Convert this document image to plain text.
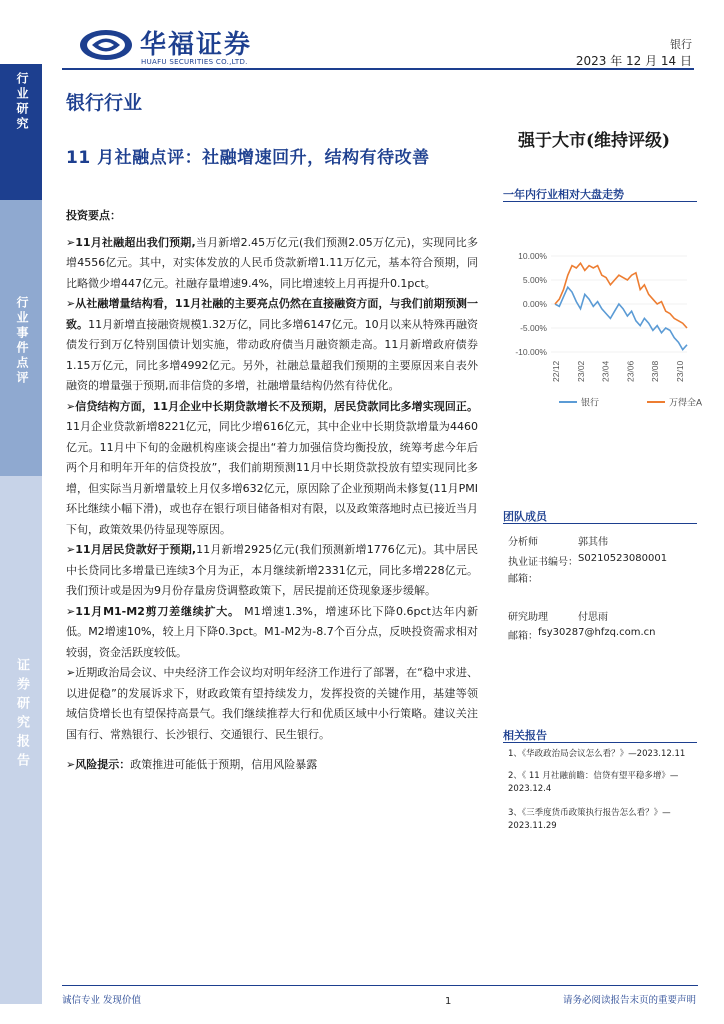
行业研究
行业事件点评
证券研究报告
华福证券
HUAFU SECURITIES CO.,LTD.
银行
2023 年 12 月 14 日
银行行业
11 月社融点评：社融增速回升，结构有待改善
强于大市(维持评级)
一年内行业相对大盘走势
10.00%
5.00%
0.00%
-5.00%
-10.00%
22/12 23/02 23/04 23/06 23/08 23/10
银行	万得全A

投资要点：

➢11月社融超出我们预期,当月新增2.45万亿元(我们预测2.05万亿元)，实现同比多增4556亿元。其中，对实体发放的人民币贷款新增1.11万亿元，基本符合预期，同比略微少增447亿元。社融存量增速9.4%，同比增速较上月再提升0.1pct。

➢从社融增量结构看，11月社融的主要亮点仍然在直接融资方面，与我们前期预测一致。11月新增直接融资规模1.32万亿，同比多增6147亿元。10月以来从特殊再融资债发行到万亿特别国债计划实施，带动政府债当月融资额走高。11月新增政府债券1.15万亿元，同比多增4992亿元。另外，社融总量超我们预期的主要原因来自表外融资的增量强于预期,而非信贷的多增，社融增量结构仍然有待优化。

➢信贷结构方面，11月企业中长期贷款增长不及预期，居民贷款同比多增实现回正。11月企业贷款新增8221亿元，同比少增616亿元，其中企业中长期贷款增量为4460亿元。11月中下旬的金融机构座谈会提出“着力加强信贷均衡投放，统筹考虑今年后两个月和明年开年的信贷投放”，我们前期预测11月中长期贷款投放有望实现同比多增，但实际当月新增量较上月仅多增632亿元，原因除了企业预期尚未修复(11月PMI环比继续小幅下滑)，或也存在银行项目储备相对有限，以及政策落地时点已接近当月下旬，政策效果仍待显现等原因。

➢11月居民贷款好于预期,11月新增2925亿元(我们预测新增1776亿元)。其中居民中长贷同比多增量已连续3个月为正，本月继续新增2331亿元，同比多增228亿元。我们预计或是因为9月份存量房贷调整政策下，居民提前还贷现象逐步缓解。

➢11月M1-M2剪刀差继续扩大。 M1增速1.3%，增速环比下降0.6pct达年内新低。M2增速10%，较上月下降0.3pct。M1-M2为-8.7个百分点，反映投资需求相对较弱，资金活跃度较低。

➢近期政治局会议、中央经济工作会议均对明年经济工作进行了部署，在“稳中求进、以进促稳”的发展诉求下，财政政策有望持续发力，发挥投资的关键作用，基建等领域信贷增长也有望保持高景气。我们继续推荐大行和优质区域中小行策略。建议关注国有行、常熟银行、长沙银行、交通银行、民生银行。

➢风险提示：政策推进可能低于预期，信用风险暴露

团队成员
分析师	郭其伟
执业证书编号： S0210523080001
邮箱：
研究助理	付思雨
邮箱： fsy30287@hfzq.com.cn
相关报告
1、《华政政治局会议怎么看？》—2023.12.11
2、《 11 月社融前瞻：信贷有望平稳多增》—2023.12.4
3、《三季度货币政策执行报告怎么看？》—2023.11.29
诚信专业 发现价值	1	请务必阅读报告末页的重要声明
